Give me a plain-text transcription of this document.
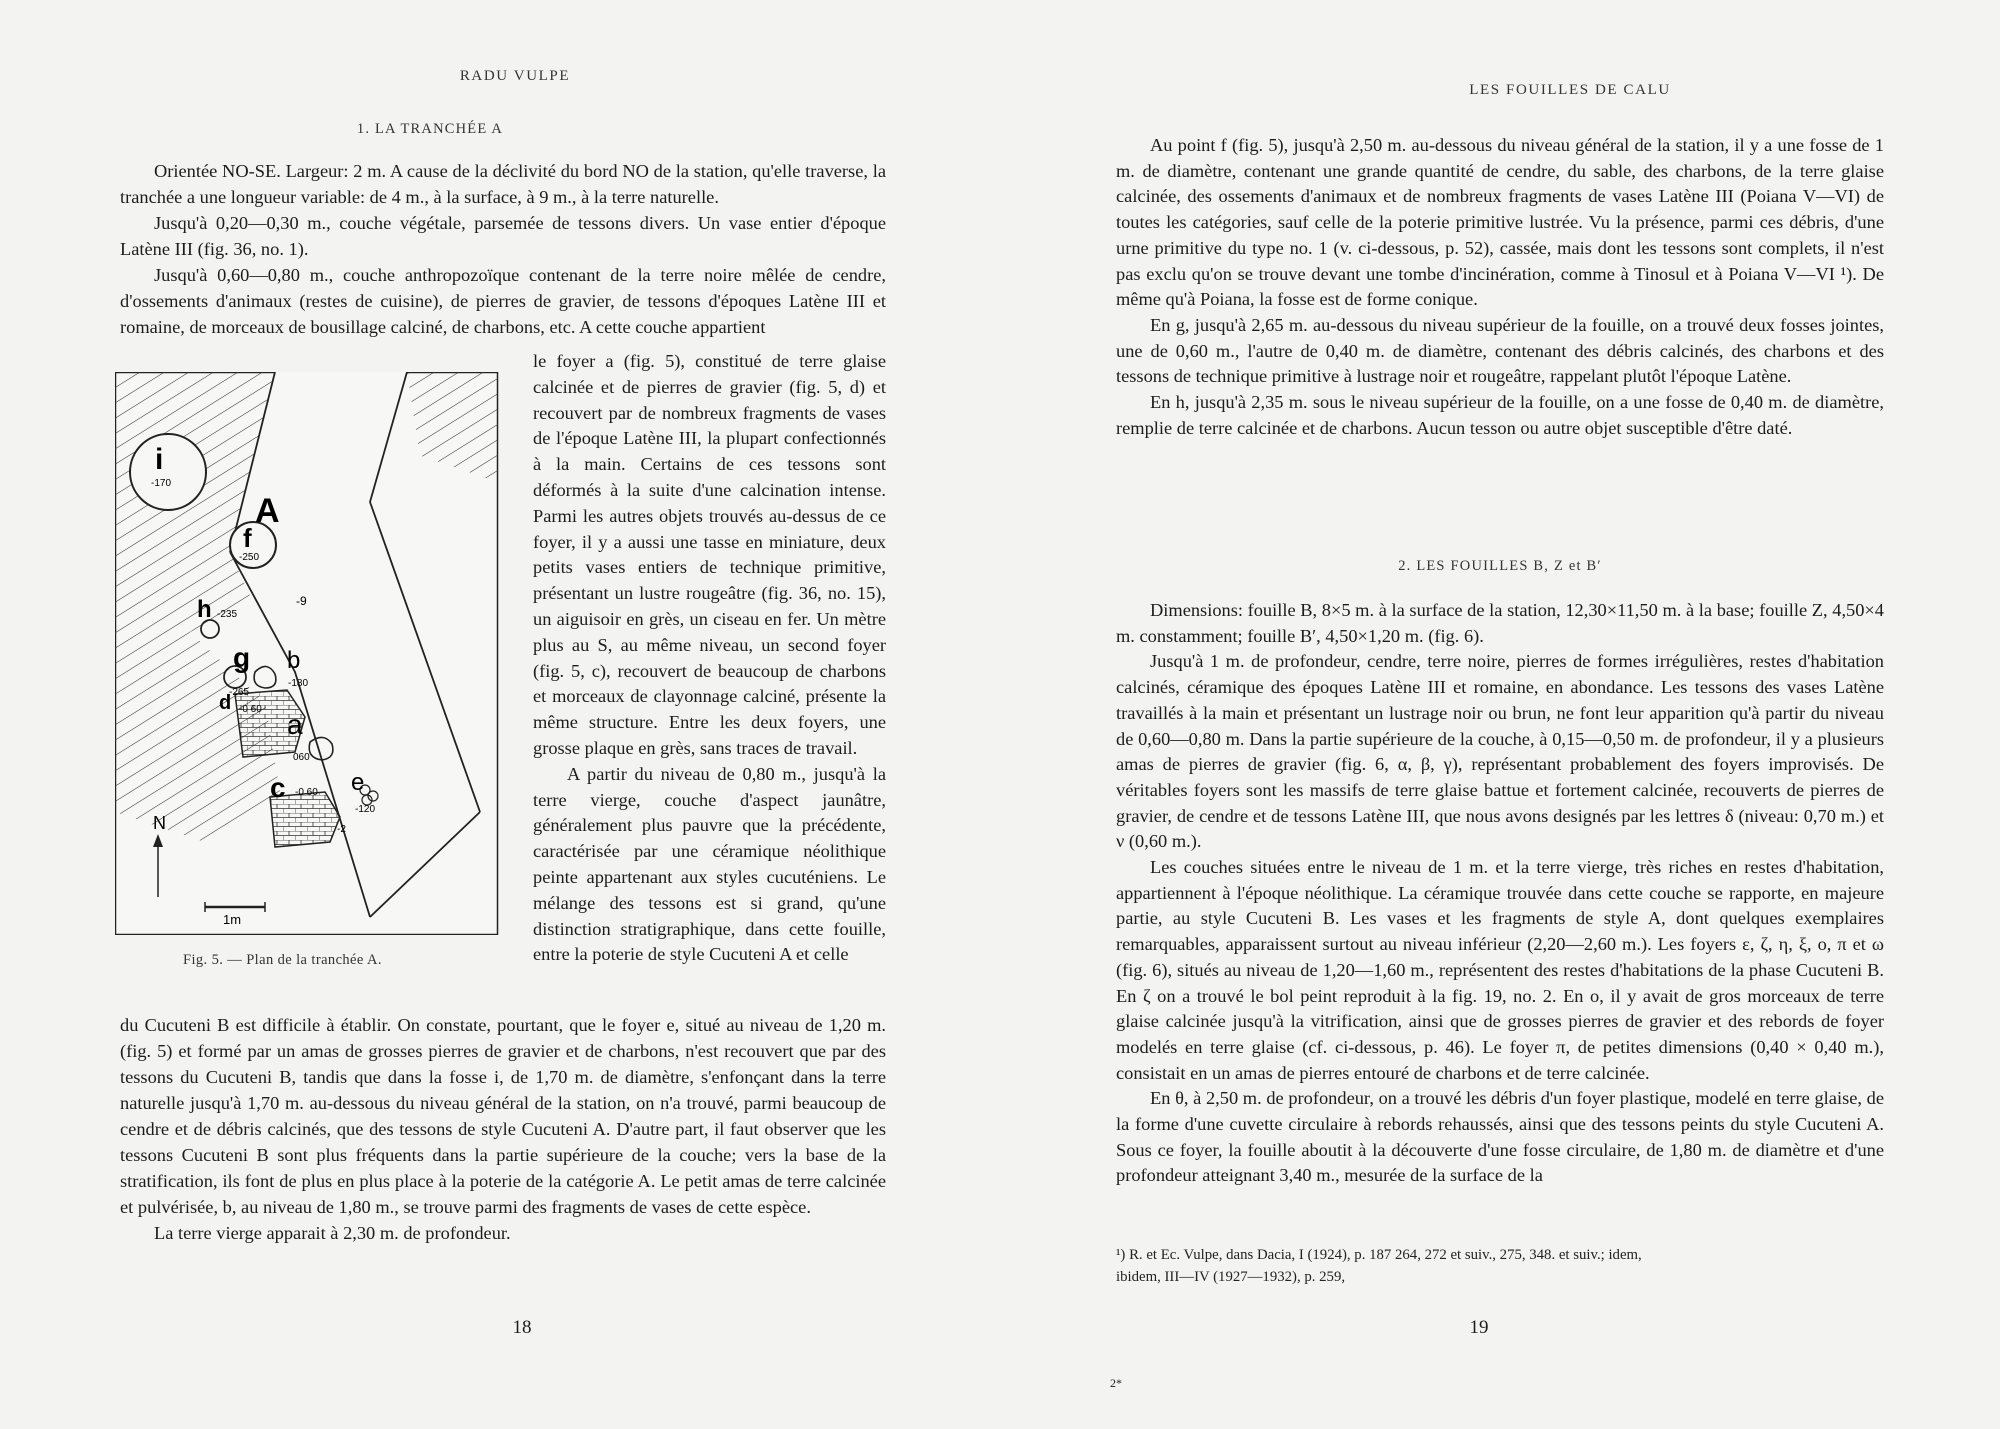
RADU VULPE
1. LA TRANCHÉE A

Orientée NO-SE. Largeur: 2 m. A cause de la déclivité du bord NO de la station, qu'elle traverse, la tranchée a une longueur variable: de 4 m., à la surface, à 9 m., à la terre naturelle.

Jusqu'à 0,20—0,30 m., couche végétale, parsemée de tessons divers. Un vase entier d'époque Latène III (fig. 36, no. 1).

Jusqu'à 0,60—0,80 m., couche anthropozoïque contenant de la terre noire mêlée de cendre, d'ossements d'animaux (restes de cuisine), de pierres de gravier, de tessons d'époques Latène III et romaine, de morceaux de bousillage calciné, de charbons, etc. A cette couche appartient

le foyer a (fig. 5), constitué de terre glaise calcinée et de pierres de gravier (fig. 5, d) et recouvert par de nombreux fragments de vases de l'époque Latène III, la plupart confectionnés à la main. Certains de ces tessons sont déformés à la suite d'une calcination intense. Parmi les autres objets trouvés au-dessus de ce foyer, il y a aussi une tasse en miniature, deux petits vases entiers de technique primitive, présentant un lustre rougeâtre (fig. 36, no. 15), un aiguisoir en grès, un ciseau en fer. Un mètre plus au S, au même niveau, un second foyer (fig. 5, c), recouvert de beaucoup de charbons et morceaux de clayonnage calciné, présente la même structure. Entre les deux foyers, une grosse plaque en grès, sans traces de travail.

A partir du niveau de 0,80 m., jusqu'à la terre vierge, couche d'aspect jaunâtre, généralement plus pauvre que la précédente, caractérisée par une céramique néolithique peinte appartenant aux styles cucuténiens. Le mélange des tessons est si grand, qu'une distinction stratigraphique, dans cette fouille, entre la poterie de style Cucuteni A et celle

i
-170
A
f
-250
h -235
-9
g
-265
b
-180
d -0 60 a
060
c -0 60 e
-120
-2
N
1m
Fig. 5. — Plan de la tranchée A.

du Cucuteni B est difficile à établir. On constate, pourtant, que le foyer e, situé au niveau de 1,20 m. (fig. 5) et formé par un amas de grosses pierres de gravier et de charbons, n'est recouvert que par des tessons du Cucuteni B, tandis que dans la fosse i, de 1,70 m. de diamètre, s'enfonçant dans la terre naturelle jusqu'à 1,70 m. au-dessous du niveau général de la station, on n'a trouvé, parmi beaucoup de cendre et de débris calcinés, que des tessons de style Cucuteni A. D'autre part, il faut observer que les tessons Cucuteni B sont plus fréquents dans la partie supérieure de la couche; vers la base de la stratification, ils font de plus en plus place à la poterie de la catégorie A. Le petit amas de terre calcinée et pulvérisée, b, au niveau de 1,80 m., se trouve parmi des fragments de vases de cette espèce.

La terre vierge apparait à 2,30 m. de profondeur.

18
LES FOUILLES DE CALU

Au point f (fig. 5), jusqu'à 2,50 m. au-dessous du niveau général de la station, il y a une fosse de 1 m. de diamètre, contenant une grande quantité de cendre, du sable, des charbons, de la terre glaise calcinée, des ossements d'animaux et de nombreux fragments de vases Latène III (Poiana V—VI) de toutes les catégories, sauf celle de la poterie primitive lustrée. Vu la présence, parmi ces débris, d'une urne primitive du type no. 1 (v. ci-dessous, p. 52), cassée, mais dont les tessons sont complets, il n'est pas exclu qu'on se trouve devant une tombe d'incinération, comme à Tinosul et à Poiana V—VI ¹). De même qu'à Poiana, la fosse est de forme conique.

En g, jusqu'à 2,65 m. au-dessous du niveau supérieur de la fouille, on a trouvé deux fosses jointes, une de 0,60 m., l'autre de 0,40 m. de diamètre, contenant des débris calcinés, des charbons et des tessons de technique primitive à lustrage noir et rougeâtre, rappelant plutôt l'époque Latène.

En h, jusqu'à 2,35 m. sous le niveau supérieur de la fouille, on a une fosse de 0,40 m. de diamètre, remplie de terre calcinée et de charbons. Aucun tesson ou autre objet susceptible d'être daté.

2. LES FOUILLES B, Z et B′

Dimensions: fouille B, 8×5 m. à la surface de la station, 12,30×11,50 m. à la base; fouille Z, 4,50×4 m. constamment; fouille B′, 4,50×1,20 m. (fig. 6).

Jusqu'à 1 m. de profondeur, cendre, terre noire, pierres de formes irrégulières, restes d'habitation calcinés, céramique des époques Latène III et romaine, en abondance. Les tessons des vases Latène travaillés à la main et présentant un lustrage noir ou brun, ne font leur apparition qu'à partir du niveau de 0,60—0,80 m. Dans la partie supérieure de la couche, à 0,15—0,50 m. de profondeur, il y a plusieurs amas de pierres de gravier (fig. 6, α, β, γ), représentant probablement des foyers improvisés. De véritables foyers sont les massifs de terre glaise battue et fortement calcinée, recouverts de pierres de gravier, de cendre et de tessons Latène III, que nous avons designés par les lettres δ (niveau: 0,70 m.) et ν (0,60 m.).

Les couches situées entre le niveau de 1 m. et la terre vierge, très riches en restes d'habitation, appartiennent à l'époque néolithique. La céramique trouvée dans cette couche se rapporte, en majeure partie, au style Cucuteni B. Les vases et les fragments de style A, dont quelques exemplaires remarquables, apparaissent surtout au niveau inférieur (2,20—2,60 m.). Les foyers ε, ζ, η, ξ, ο, π et ω (fig. 6), situés au niveau de 1,20—1,60 m., représentent des restes d'habitations de la phase Cucuteni B. En ζ on a trouvé le bol peint reproduit à la fig. 19, no. 2. En ο, il y avait de gros morceaux de terre glaise calcinée jusqu'à la vitrification, ainsi que de grosses pierres de gravier et des rebords de foyer modelés en terre glaise (cf. ci-dessous, p. 46). Le foyer π, de petites dimensions (0,40 × 0,40 m.), consistait en un amas de pierres entouré de charbons et de terre calcinée.

En θ, à 2,50 m. de profondeur, on a trouvé les débris d'un foyer plastique, modelé en terre glaise, de la forme d'une cuvette circulaire à rebords rehaussés, ainsi que des tessons peints du style Cucuteni A. Sous ce foyer, la fouille aboutit à la découverte d'une fosse circulaire, de 1,80 m. de diamètre et d'une profondeur atteignant 3,40 m., mesurée de la surface de la

¹) R. et Ec. Vulpe, dans Dacia, I (1924), p. 187 264, 272 et suiv., 275, 348. et suiv.; idem, ibidem, III—IV (1927—1932), p. 259,
19
2*
